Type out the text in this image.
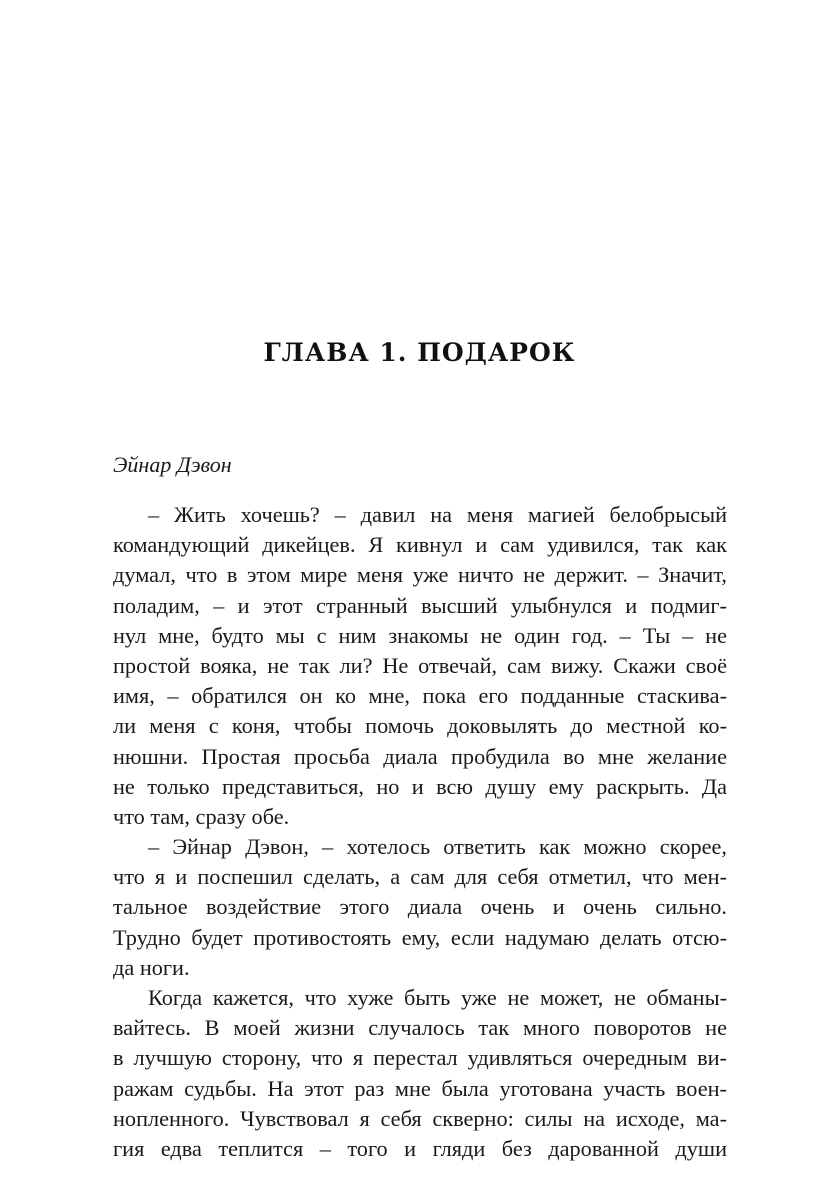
ГЛАВА 1. ПОДАРОК

Эйнар Дэвон

– Жить хочешь? – давил на меня магией белобрысый
командующий дикейцев. Я кивнул и сам удивился, так как
думал, что в этом мире меня уже ничто не держит. – Значит,
поладим, – и этот странный высший улыбнулся и подмиг-
нул мне, будто мы с ним знакомы не один год. – Ты – не
простой вояка, не так ли? Не отвечай, сам вижу. Скажи своё
имя, – обратился он ко мне, пока его подданные стаскива-
ли меня с коня, чтобы помочь доковылять до местной ко-
нюшни. Простая просьба диала пробудила во мне желание
не только представиться, но и всю душу ему раскрыть. Да
что там, сразу обе.
– Эйнар Дэвон, – хотелось ответить как можно скорее,
что я и поспешил сделать, а сам для себя отметил, что мен-
тальное воздействие этого диала очень и очень сильно.
Трудно будет противостоять ему, если надумаю делать отсю-
да ноги.
Когда кажется, что хуже быть уже не может, не обманы-
вайтесь. В моей жизни случалось так много поворотов не
в лучшую сторону, что я перестал удивляться очередным ви-
ражам судьбы. На этот раз мне была уготована участь воен-
нопленного. Чувствовал я себя скверно: силы на исходе, ма-
гия едва теплится – того и гляди без дарованной души
